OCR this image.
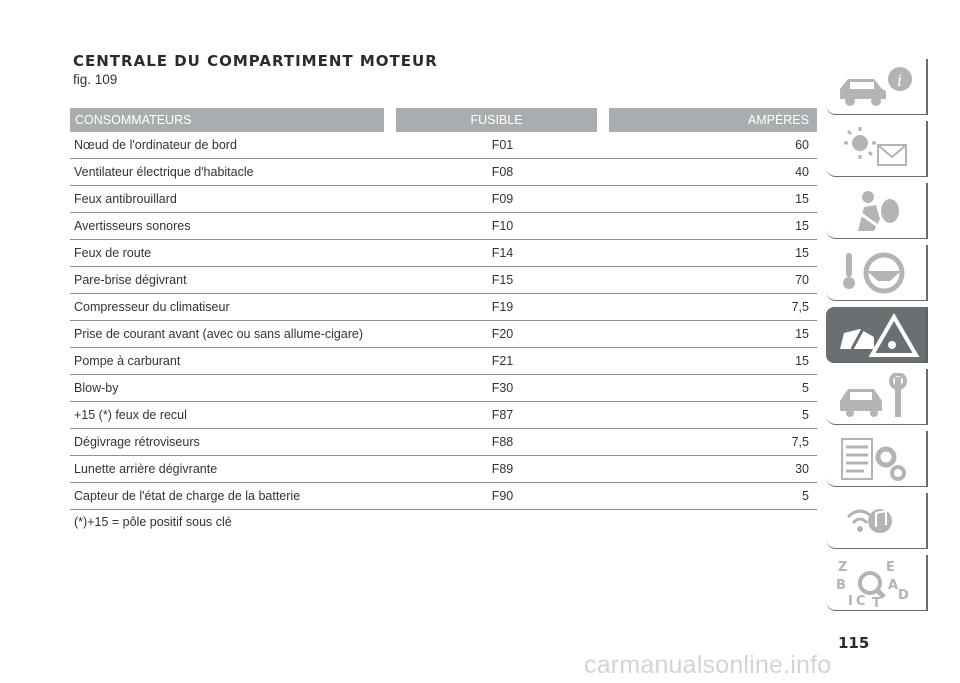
CENTRALE DU COMPARTIMENT MOTEUR

fig. 109

CONSOMMATEURS	FUSIBLE	AMPÈRES
Nœud de l'ordinateur de bord	F01	60
Ventilateur électrique d'habitacle	F08	40
Feux antibrouillard	F09	15
Avertisseurs sonores	F10	15
Feux de route	F14	15
Pare-brise dégivrant	F15	70
Compresseur du climatiseur	F19	7,5
Prise de courant avant (avec ou sans allume-cigare)	F20	15
Pompe à carburant	F21	15
Blow-by	F30	5
+15 (*) feux de recul	F87	5
Dégivrage rétroviseurs	F88	7,5
Lunette arrière dégivrante	F89	30
Capteur de l'état de charge de la batterie	F90	5
(*)+15 = pôle positif sous clé
i
Z	E
B	A
C D
T
I
115
carmanualsonline.info
